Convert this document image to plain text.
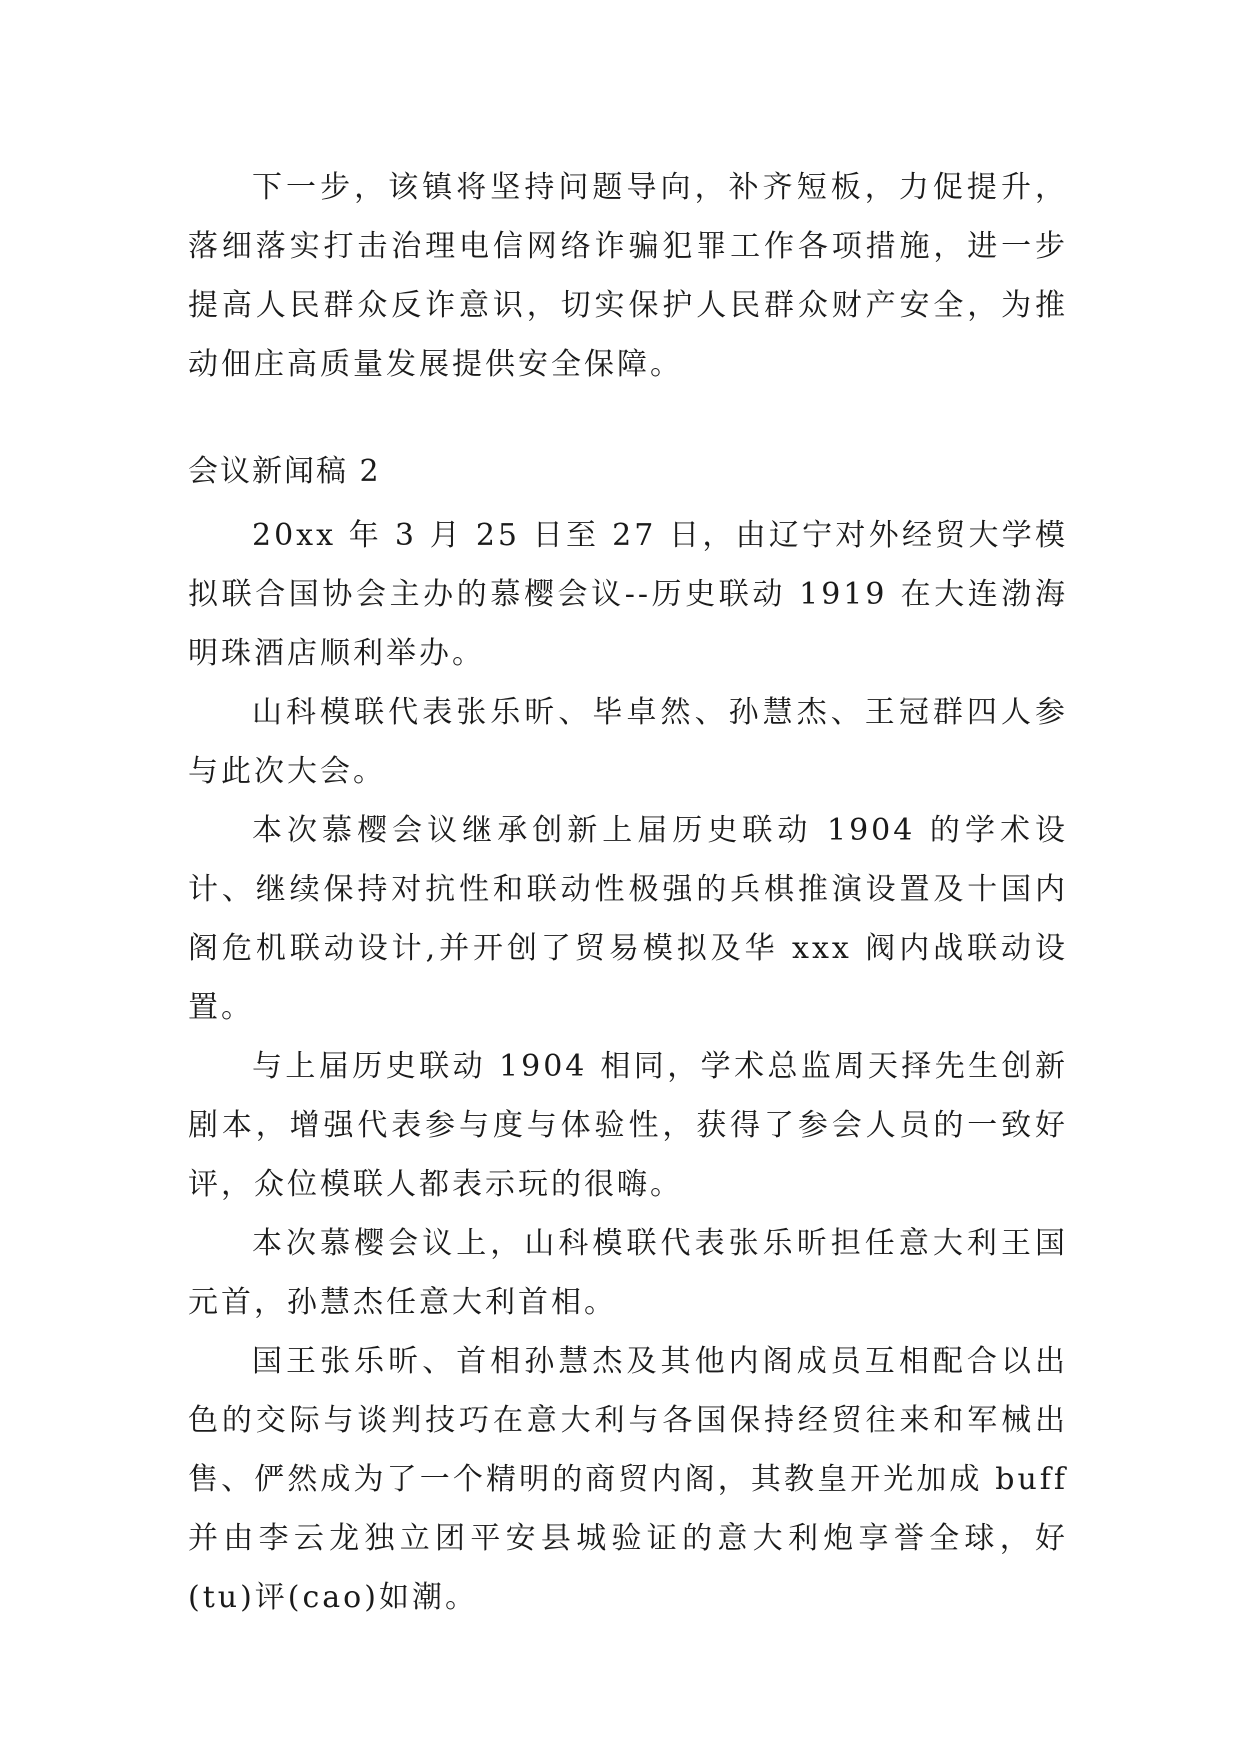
下一步，该镇将坚持问题导向，补齐短板，力促提升，落细落实打击治理电信网络诈骗犯罪工作各项措施，进一步提高人民群众反诈意识，切实保护人民群众财产安全，为推动佃庄高质量发展提供安全保障。

会议新闻稿 2

20xx 年 3 月 25 日至 27 日，由辽宁对外经贸大学模拟联合国协会主办的慕樱会议--历史联动 1919 在大连渤海明珠酒店顺利举办。

山科模联代表张乐昕、毕卓然、孙慧杰、王冠群四人参与此次大会。

本次慕樱会议继承创新上届历史联动 1904 的学术设计、继续保持对抗性和联动性极强的兵棋推演设置及十国内阁危机联动设计,并开创了贸易模拟及华 xxx 阀内战联动设置。

与上届历史联动 1904 相同，学术总监周天择先生创新剧本，增强代表参与度与体验性，获得了参会人员的一致好评，众位模联人都表示玩的很嗨。

本次慕樱会议上，山科模联代表张乐昕担任意大利王国元首，孙慧杰任意大利首相。

国王张乐昕、首相孙慧杰及其他内阁成员互相配合以出色的交际与谈判技巧在意大利与各国保持经贸往来和军械出售、俨然成为了一个精明的商贸内阁，其教皇开光加成 buff 并由李云龙独立团平安县城验证的意大利炮享誉全球，好(tu)评(cao)如潮。
